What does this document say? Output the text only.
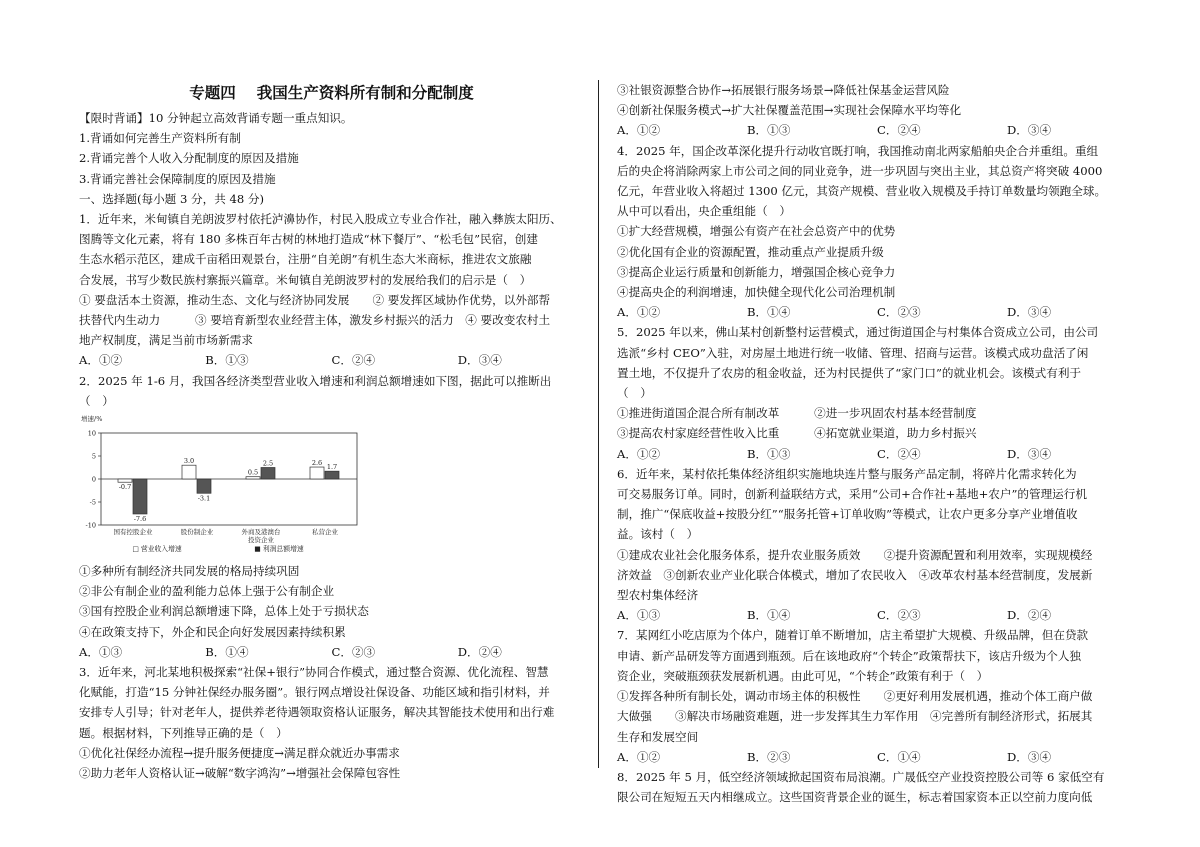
专题四　 我国生产资料所有制和分配制度

【限时背诵】10 分钟起立高效背诵专题一重点知识。

1.背诵如何完善生产资料所有制

2.背诵完善个人收入分配制度的原因及措施

3.背诵完善社会保障制度的原因及措施

一、选择题(每小题 3 分，共 48 分)

1．近年来，米甸镇自羌朗波罗村依托泸濞协作，村民入股成立专业合作社，融入彝族太阳历、

图腾等文化元素，将有 180 多株百年古树的林地打造成“林下餐厅”、“松毛包”民宿，创建

生态水稻示范区，建成千亩稻田观景台，注册“自羌朗”有机生态大米商标，推进农文旅融

合发展，书写少数民族村寨振兴篇章。米甸镇自羌朗波罗村的发展给我们的启示是（　）

① 要盘活本土资源，推动生态、文化与经济协同发展　　② 要发挥区域协作优势，以外部帮

扶替代内生动力　　　③ 要培育新型农业经营主体，激发乡村振兴的活力　④ 要改变农村土

地产权制度，满足当前市场新需求

A．①②	B．①③	C．②④	D．③④

2．2025 年 1-6 月，我国各经济类型营业收入增速和利润总额增速如下图，据此可以推断出

（　）

增速/%
10
5
0
-5
-10
-0.7
-7.6
国有控股企业
3.0
-3.1
股份制企业
0.5
2.5
外商及港澳台
投资企业
2.6
1.7
私营企业
□ 营业收入增速	■ 利润总额增速

①多种所有制经济共同发展的格局持续巩固

②非公有制企业的盈利能力总体上强于公有制企业

③国有控股企业利润总额增速下降，总体上处于亏损状态

④在政策支持下，外企和民企向好发展因素持续积累

A．①③	B．①④	C．②③	D．②④

3．近年来，河北某地积极探索“社保+银行”协同合作模式，通过整合资源、优化流程、智慧

化赋能，打造“15 分钟社保经办服务圈”。银行网点增设社保设备、功能区域和指引材料，并

安排专人引导；针对老年人，提供养老待遇领取资格认证服务，解决其智能技术使用和出行难

题。根据材料，下列推导正确的是（　）

①优化社保经办流程→提升服务便捷度→满足群众就近办事需求

②助力老年人资格认证→破解“数字鸿沟”→增强社会保障包容性

③社银资源整合协作→拓展银行服务场景→降低社保基金运营风险

④创新社保服务模式→扩大社保覆盖范围→实现社会保障水平均等化

A．①②	B．①③	C．②④	D．③④

4．2025 年，国企改革深化提升行动收官既打响，我国推动南北两家船舶央企合并重组。重组

后的央企将消除两家上市公司之间的同业竞争，进一步巩固与突出主业，其总资产将突破 4000

亿元，年营业收入将超过 1300 亿元，其资产规模、营业收入规模及手持订单数量均领跑全球。

从中可以看出，央企重组能（　）

①扩大经营规模，增强公有资产在社会总资产中的优势

②优化国有企业的资源配置，推动重点产业提质升级

③提高企业运行质量和创新能力，增强国企核心竞争力

④提高央企的利润增速，加快健全现代化公司治理机制

A．①②	B．①④	C．②③	D．③④

5．2025 年以来，佛山某村创新整村运营模式，通过街道国企与村集体合资成立公司，由公司

选派“乡村 CEO”入驻，对房屋土地进行统一收储、管理、招商与运营。该模式成功盘活了闲

置土地，不仅提升了农房的租金收益，还为村民提供了“家门口”的就业机会。该模式有利于

（　）

①推进街道国企混合所有制改革　　　②进一步巩固农村基本经营制度

③提高农村家庭经营性收入比重　　　④拓宽就业渠道，助力乡村振兴

A．①②	B．①③	C．②④	D．③④

6．近年来，某村依托集体经济组织实施地块连片整与服务产品定制，将碎片化需求转化为

可交易服务订单。同时，创新利益联结方式，采用“公司+合作社+基地+农户”的管理运行机

制，推广“保底收益+按股分红”“服务托管+订单收购”等模式，让农户更多分享产业增值收

益。该村（　）

①建成农业社会化服务体系，提升农业服务质效　　②提升资源配置和利用效率，实现规模经

济效益　③创新农业产业化联合体模式，增加了农民收入　④改革农村基本经营制度，发展新

型农村集体经济

A．①③	B．①④	C．②③	D．②④

7．某网红小吃店原为个体户，随着订单不断增加，店主希望扩大规模、升级品牌，但在贷款

申请、新产品研发等方面遇到瓶颈。后在该地政府“个转企”政策帮扶下，该店升级为个人独

资企业，突破瓶颈获发展新机遇。由此可见，“个转企”政策有利于（　）

①发挥各种所有制长处，调动市场主体的积极性　　②更好利用发展机遇，推动个体工商户做

大做强　　③解决市场融资难题，进一步发挥其生力军作用　④完善所有制经济形式，拓展其

生存和发展空间

A．①②	B．②③	C．①④	D．③④

8．2025 年 5 月，低空经济领域掀起国资布局浪潮。广晟低空产业投资控股公司等 6 家低空有

限公司在短短五天内相继成立。这些国资背景企业的诞生，标志着国家资本正以空前力度向低
